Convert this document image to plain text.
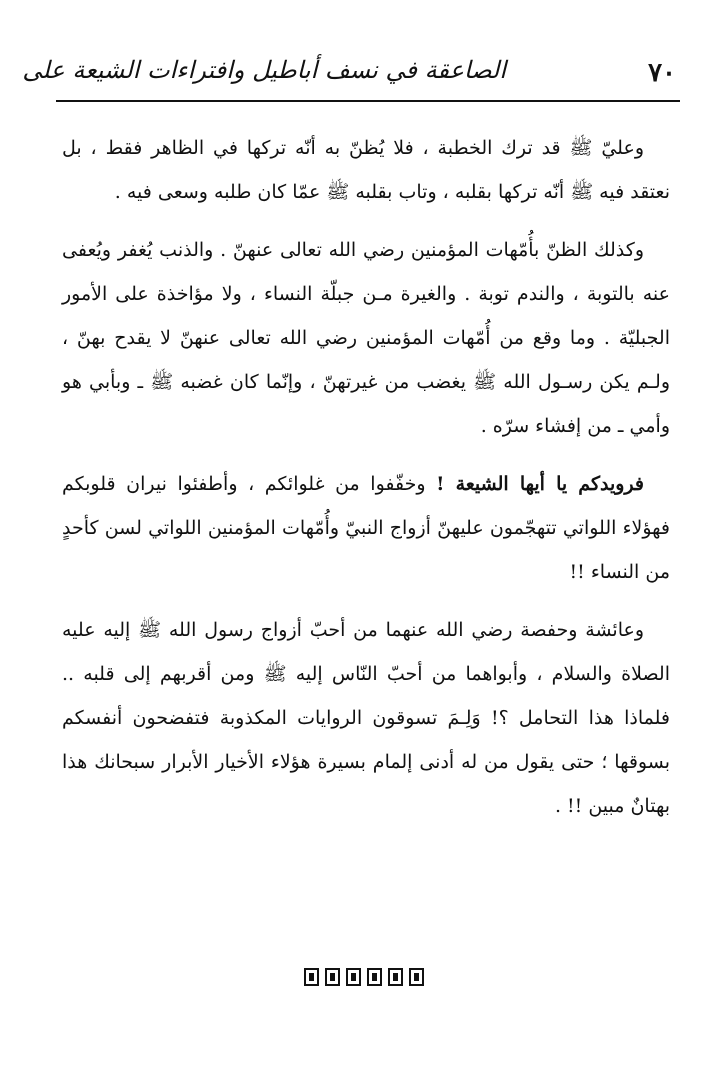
٧٠
الصاعقة في نسف أباطيل وافتراءات الشيعة على

وعليّ ﷺ قد ترك الخطبة ، فلا يُظنّ به أنّه تركها في الظاهر فقط ، بل نعتقد فيه ﷺ أنّه تركها بقلبه ، وتاب بقلبه ﷺ عمّا كان طلبه وسعى فيه .

وكذلك الظنّ بأُمّهات المؤمنين رضي الله تعالى عنهنّ . والذنب يُغفر ويُعفى عنه بالتوبة ، والندم توبة . والغيرة مـن جبلّة النساء ، ولا مؤاخذة على الأمور الجبليّة . وما وقع من أُمّهات المؤمنين رضي الله تعالى عنهنّ لا يقدح بهنّ ، ولـم يكن رسـول الله ﷺ يغضب من غيرتهنّ ، وإنّما كان غضبه ﷺ ـ وبأبي هو وأمي ـ من إفشاء سرّه .

فرويدكم يا أيها الشيعة ! وخفّفوا من غلوائكم ، وأطفئوا نيران قلوبكم فهؤلاء اللواتي تتهجّمون عليهنّ أزواج النبيّ وأُمّهات المؤمنين اللواتي لسن كأحدٍ من النساء !!

وعائشة وحفصة رضي الله عنهما من أحبّ أزواج رسول الله ﷺ إليه عليه الصلاة والسلام ، وأبواهما من أحبّ النّاس إليه ﷺ ومن أقربهم إلى قلبه .. فلماذا هذا التحامل ؟! وَلِـمَ تسوقون الروايات المكذوبة فتفضحون أنفسكم بسوقها ؛ حتى يقول من له أدنى إلمام بسيرة هؤلاء الأخيار الأبرار سبحانك هذا بهتانٌ مبين !! .
